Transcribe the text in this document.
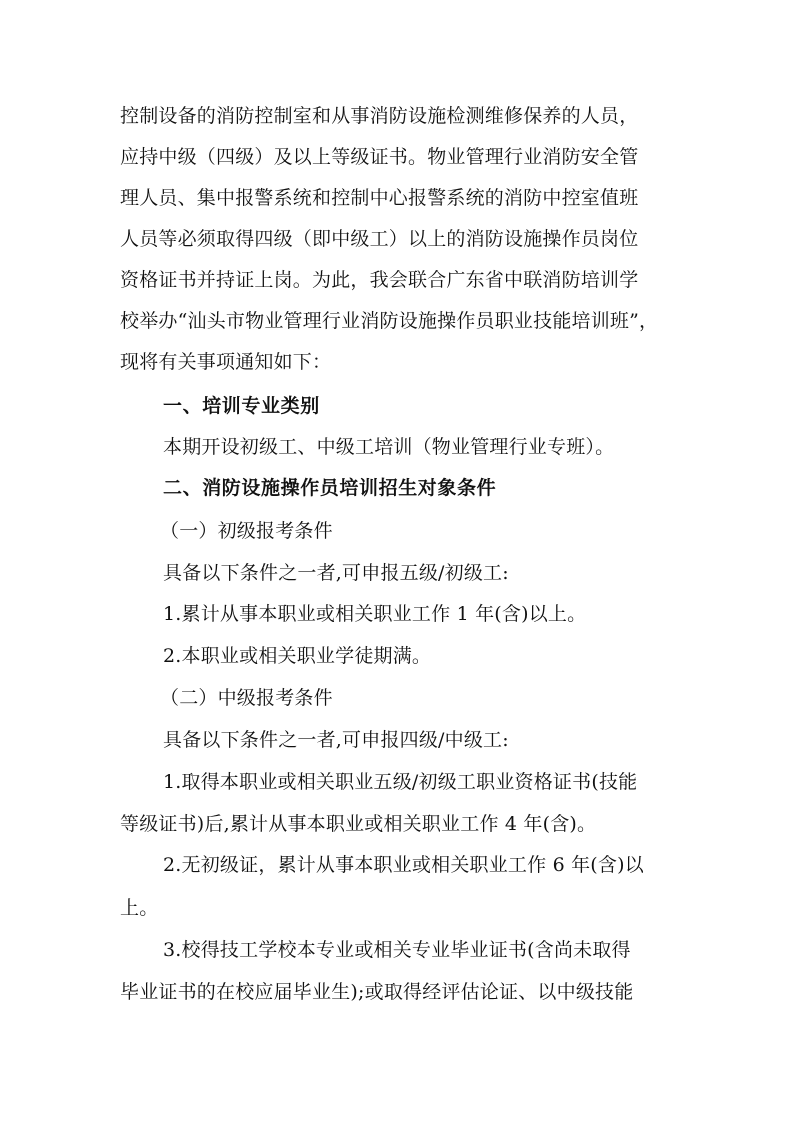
控制设备的消防控制室和从事消防设施检测维修保养的人员，
应持中级（四级）及以上等级证书。物业管理行业消防安全管
理人员、集中报警系统和控制中心报警系统的消防中控室值班
人员等必须取得四级（即中级工）以上的消防设施操作员岗位
资格证书并持证上岗。为此，我会联合广东省中联消防培训学
校举办“汕头市物业管理行业消防设施操作员职业技能培训班”，
现将有关事项通知如下：
一、培训专业类别
本期开设初级工、中级工培训（物业管理行业专班）。
二、消防设施操作员培训招生对象条件
（一）初级报考条件
具备以下条件之一者,可申报五级/初级工:
1.累计从事本职业或相关职业工作 1 年(含)以上。
2.本职业或相关职业学徒期满。
（二）中级报考条件
具备以下条件之一者,可申报四级/中级工:
1.取得本职业或相关职业五级/初级工职业资格证书(技能
等级证书)后,累计从事本职业或相关职业工作 4 年(含)。
2.无初级证，累计从事本职业或相关职业工作 6 年(含)以
上。
3.校得技工学校本专业或相关专业毕业证书(含尚未取得
毕业证书的在校应届毕业生);或取得经评估论证、以中级技能
